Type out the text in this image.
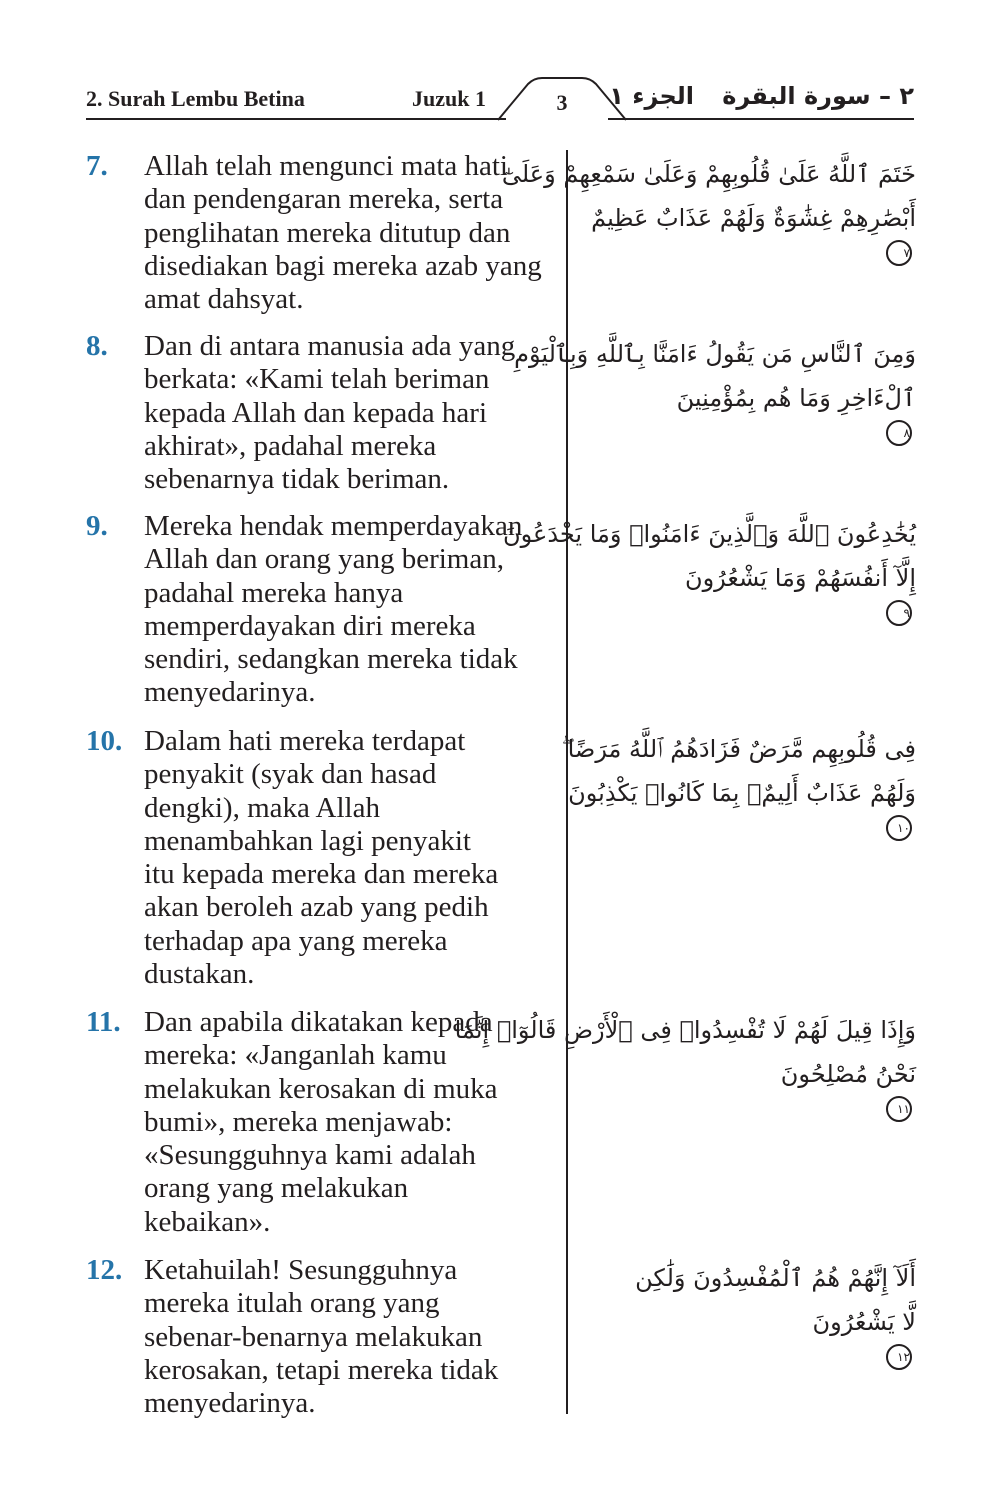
2. Surah Lembu Betina	Juzuk 1	3	الجزء ١ ٢ – سورة البقرة
7. Allah telah mengunci mata hati
dan pendengaran mereka, serta
penglihatan mereka ditutup dan
disediakan bagi mereka azab yang
amat dahsyat.
خَتَمَ ٱللَّهُ عَلَىٰ قُلُوبِهِمْ وَعَلَىٰ سَمْعِهِمْ وَعَلَىٰٓ
أَبْصَٰرِهِمْ غِشَٰوَةٌ وَلَهُمْ عَذَابٌ عَظِيمٌ
٧
8. Dan di antara manusia ada yang
berkata: «Kami telah beriman
kepada Allah dan kepada hari
akhirat», padahal mereka
sebenarnya tidak beriman.
وَمِنَ ٱلنَّاسِ مَن يَقُولُ ءَامَنَّا بِٱللَّهِ وَبِٱلْيَوْمِ
ٱلْءَاخِرِ وَمَا هُم بِمُؤْمِنِينَ
٨
9. Mereka hendak memperdayakan
Allah dan orang yang beriman,
padahal mereka hanya
memperdayakan diri mereka
sendiri, sedangkan mereka tidak
menyedarinya.
يُخَٰدِعُونَ ٱللَّهَ وَٱلَّذِينَ ءَامَنُوا۟ وَمَا يَخْدَعُونَ
إِلَّآ أَنفُسَهُمْ وَمَا يَشْعُرُونَ
٩
10. Dalam hati mereka terdapat
penyakit (syak dan hasad
dengki), maka Allah
menambahkan lagi penyakit
itu kepada mereka dan mereka
akan beroleh azab yang pedih
terhadap apa yang mereka
dustakan.
فِى قُلُوبِهِم مَّرَضٌ فَزَادَهُمُ ٱللَّهُ مَرَضًا ۖ
وَلَهُمْ عَذَابٌ أَلِيمٌۢ بِمَا كَانُوا۟ يَكْذِبُونَ
١٠
11. Dan apabila dikatakan kepada
mereka: «Janganlah kamu
melakukan kerosakan di muka
bumi», mereka menjawab:
«Sesungguhnya kami adalah
orang yang melakukan
kebaikan».
وَإِذَا قِيلَ لَهُمْ لَا تُفْسِدُوا۟ فِى ٱلْأَرْضِ قَالُوٓا۟ إِنَّمَا
نَحْنُ مُصْلِحُونَ
١١
12. Ketahuilah! Sesungguhnya
mereka itulah orang yang
sebenar-benarnya melakukan
kerosakan, tetapi mereka tidak
menyedarinya.
أَلَآ إِنَّهُمْ هُمُ ٱلْمُفْسِدُونَ وَلَٰكِن
لَّا يَشْعُرُونَ
١٢
